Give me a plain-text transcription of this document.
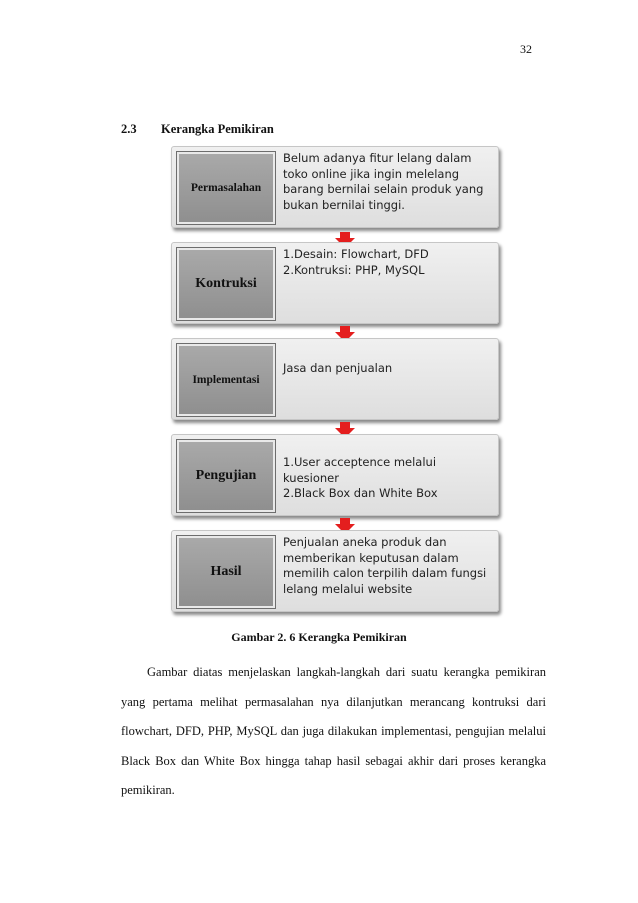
32
2.3 Kerangka Pemikiran
Permasalahan
Belum adanya fitur lelang dalam
toko online jika ingin melelang
barang bernilai selain produk yang
bukan bernilai tinggi.
Kontruksi
1.Desain: Flowchart, DFD
2.Kontruksi: PHP, MySQL
Implementasi
Jasa dan penjualan
Pengujian
1.User acceptence melalui kuesioner
2.Black Box dan White Box
Hasil
Penjualan aneka produk dan
memberikan keputusan dalam
memilih calon terpilih dalam fungsi
lelang melalui website
Gambar 2. 6 Kerangka Pemikiran

Gambar diatas menjelaskan langkah-langkah dari suatu kerangka pemikiran yang pertama melihat permasalahan nya dilanjutkan merancang kontruksi dari flowchart, DFD, PHP, MySQL dan juga dilakukan implementasi, pengujian melalui Black Box dan White Box hingga tahap hasil sebagai akhir dari proses kerangka pemikiran.
